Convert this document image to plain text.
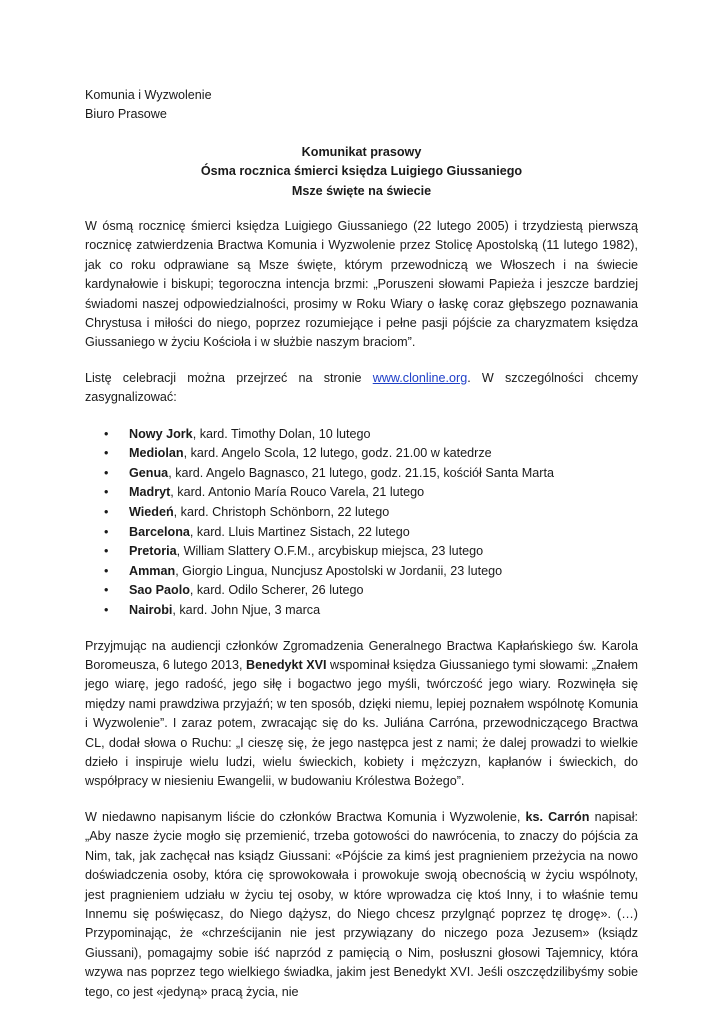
Komunia i Wyzwolenie

Biuro Prasowe

Komunikat prasowy

Ósma rocznica śmierci księdza Luigiego Giussaniego

Msze święte na świecie

W ósmą rocznicę śmierci księdza Luigiego Giussaniego (22 lutego 2005) i trzydziestą pierwszą rocznicę zatwierdzenia Bractwa Komunia i Wyzwolenie przez Stolicę Apostolską (11 lutego 1982), jak co roku odprawiane są Msze święte, którym przewodniczą we Włoszech i na świecie kardynałowie i biskupi; tegoroczna intencja brzmi: „Poruszeni słowami Papieża i jeszcze bardziej świadomi naszej odpowiedzialności, prosimy w Roku Wiary o łaskę coraz głębszego poznawania Chrystusa i miłości do niego, poprzez rozumiejące i pełne pasji pójście za charyzmatem księdza Giussaniego w życiu Kościoła i w służbie naszym braciom”.

Listę celebracji można przejrzeć na stronie www.clonline.org. W szczególności chcemy zasygnalizować:

• Nowy Jork, kard. Timothy Dolan, 10 lutego
• Mediolan, kard. Angelo Scola, 12 lutego, godz. 21.00 w katedrze
• Genua, kard. Angelo Bagnasco, 21 lutego, godz. 21.15, kościół Santa Marta
• Madryt, kard. Antonio María Rouco Varela, 21 lutego
• Wiedeń, kard. Christoph Schönborn, 22 lutego
• Barcelona, kard. Lluis Martinez Sistach, 22 lutego
• Pretoria, William Slattery O.F.M., arcybiskup miejsca, 23 lutego
• Amman, Giorgio Lingua, Nuncjusz Apostolski w Jordanii, 23 lutego
• Sao Paolo, kard. Odilo Scherer, 26 lutego
• Nairobi, kard. John Njue, 3 marca

Przyjmując na audiencji członków Zgromadzenia Generalnego Bractwa Kapłańskiego św. Karola Boromeusza, 6 lutego 2013, Benedykt XVI wspominał księdza Giussaniego tymi słowami: „Znałem jego wiarę, jego radość, jego siłę i bogactwo jego myśli, twórczość jego wiary. Rozwinęła się między nami prawdziwa przyjaźń; w ten sposób, dzięki niemu, lepiej poznałem wspólnotę Komunia i Wyzwolenie”. I zaraz potem, zwracając się do ks. Juliána Carróna, przewodniczącego Bractwa CL, dodał słowa o Ruchu: „I cieszę się, że jego następca jest z nami; że dalej prowadzi to wielkie dzieło i inspiruje wielu ludzi, wielu świeckich, kobiety i mężczyzn, kapłanów i świeckich, do współpracy w niesieniu Ewangelii, w budowaniu Królestwa Bożego”.

W niedawno napisanym liście do członków Bractwa Komunia i Wyzwolenie, ks. Carrón napisał: „Aby nasze życie mogło się przemienić, trzeba gotowości do nawrócenia, to znaczy do pójścia za Nim, tak, jak zachęcał nas ksiądz Giussani: «Pójście za kimś jest pragnieniem przeżycia na nowo doświadczenia osoby, która cię sprowokowała i prowokuje swoją obecnością w życiu wspólnoty, jest pragnieniem udziału w życiu tej osoby, w które wprowadza cię ktoś Inny, i to właśnie temu Innemu się poświęcasz, do Niego dążysz, do Niego chcesz przylgnąć poprzez tę drogę». (…) Przypominając, że «chrześcijanin nie jest przywiązany do niczego poza Jezusem» (ksiądz Giussani), pomagajmy sobie iść naprzód z pamięcią o Nim, posłuszni głosowi Tajemnicy, która wzywa nas poprzez tego wielkiego świadka, jakim jest Benedykt XVI. Jeśli oszczędzilibyśmy sobie tego, co jest «jedyną» pracą życia, nie
